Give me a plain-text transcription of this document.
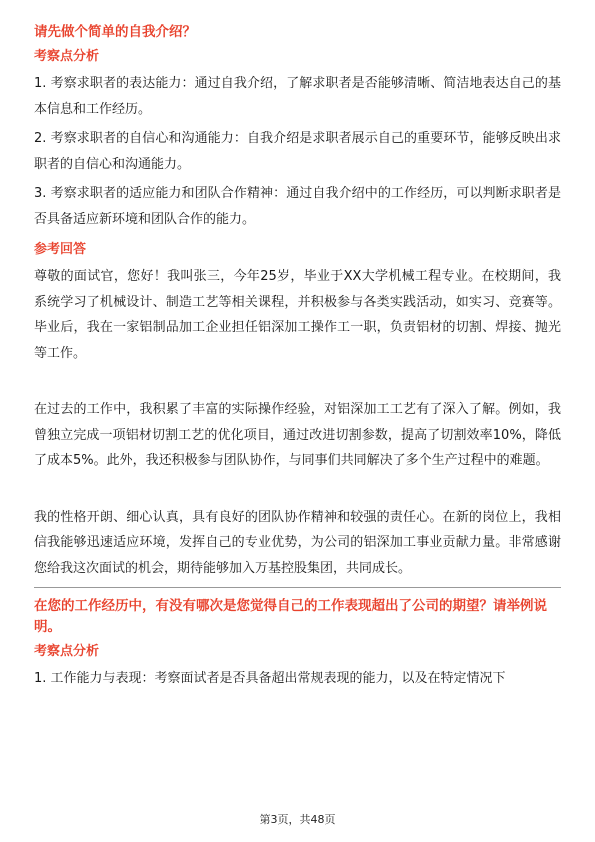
请先做个简单的自我介绍？
考察点分析
1. 考察求职者的表达能力：通过自我介绍，了解求职者是否能够清晰、简洁地表达自己的基本信息和工作经历。
2. 考察求职者的自信心和沟通能力：自我介绍是求职者展示自己的重要环节，能够反映出求职者的自信心和沟通能力。
3. 考察求职者的适应能力和团队合作精神：通过自我介绍中的工作经历，可以判断求职者是否具备适应新环境和团队合作的能力。
参考回答
尊敬的面试官，您好！我叫张三，今年25岁，毕业于XX大学机械工程专业。在校期间，我系统学习了机械设计、制造工艺等相关课程，并积极参与各类实践活动，如实习、竞赛等。毕业后，我在一家铝制品加工企业担任铝深加工操作工一职，负责铝材的切割、焊接、抛光等工作。
在过去的工作中，我积累了丰富的实际操作经验，对铝深加工工艺有了深入了解。例如，我曾独立完成一项铝材切割工艺的优化项目，通过改进切割参数，提高了切割效率10%，降低了成本5%。此外，我还积极参与团队协作，与同事们共同解决了多个生产过程中的难题。
我的性格开朗、细心认真，具有良好的团队协作精神和较强的责任心。在新的岗位上，我相信我能够迅速适应环境，发挥自己的专业优势，为公司的铝深加工事业贡献力量。非常感谢您给我这次面试的机会，期待能够加入万基控股集团，共同成长。
在您的工作经历中，有没有哪次是您觉得自己的工作表现超出了公司的期望？请举例说明。
考察点分析
1. 工作能力与表现：考察面试者是否具备超出常规表现的能力，以及在特定情况下
第3页，共48页
